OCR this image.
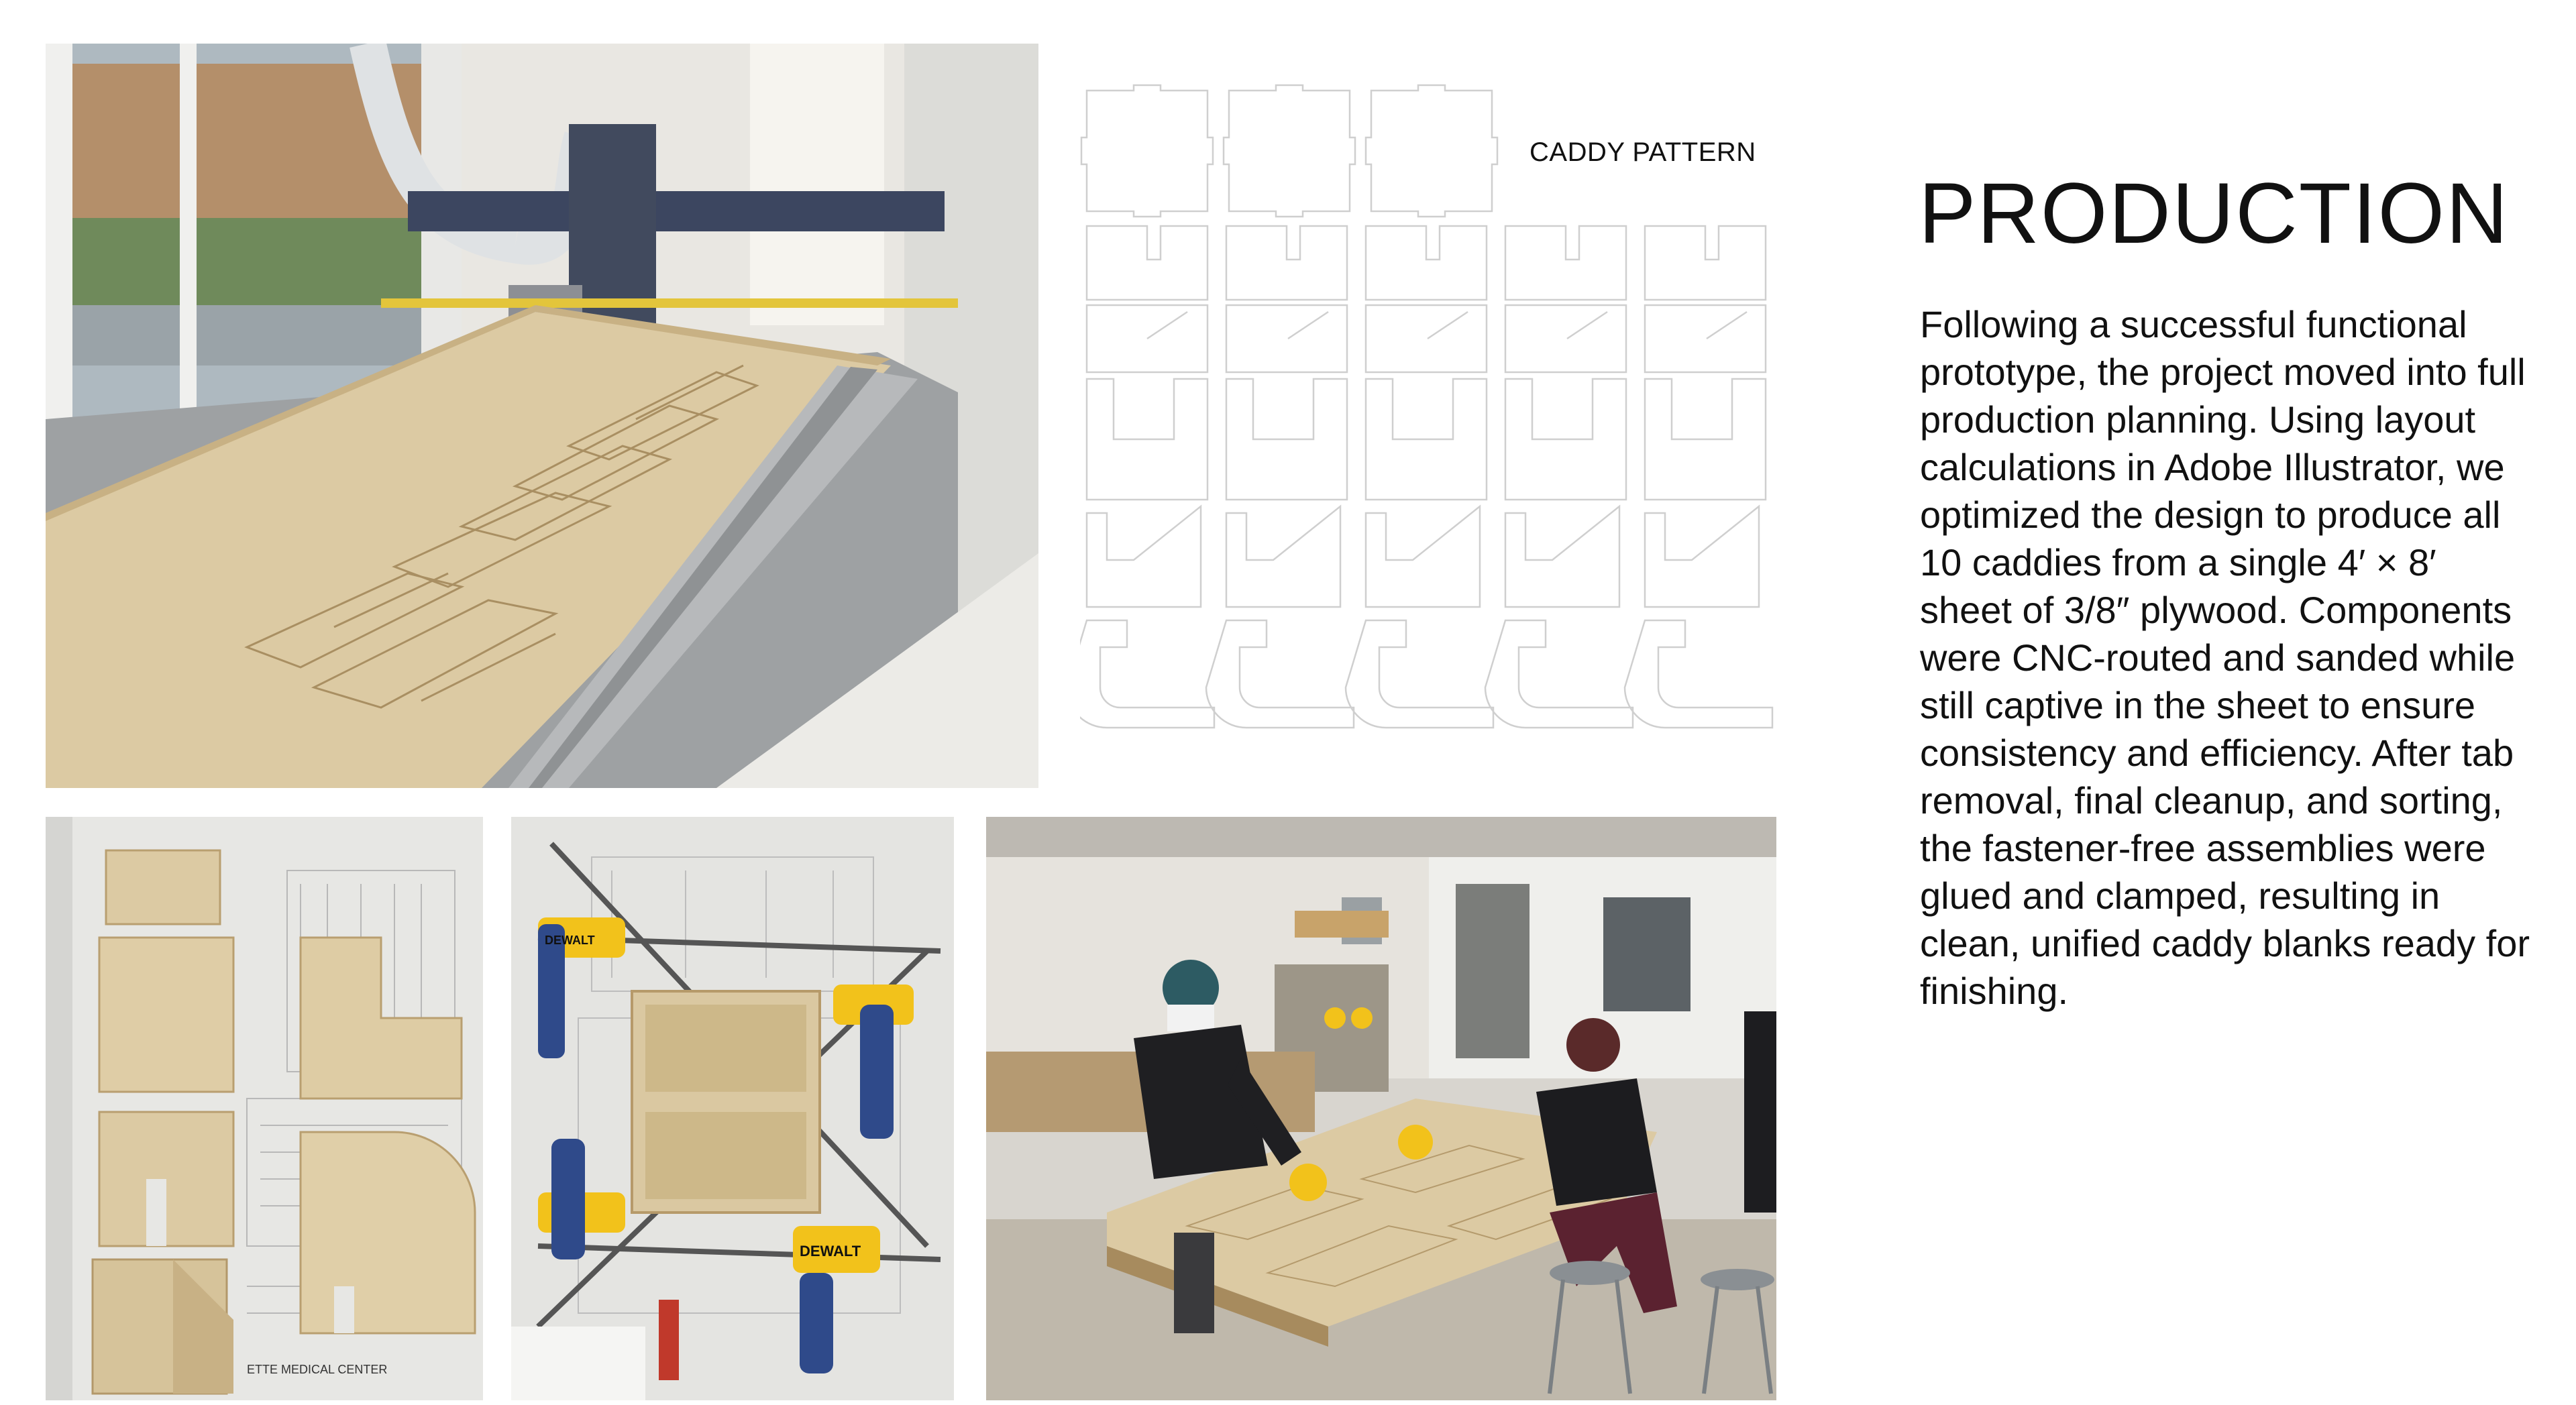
CADDY PATTERN
ETTE MEDICAL CENTER
DEWALT
DEWALT
PRODUCTION

Following a successful functional prototype, the project moved into full production planning. Using layout calculations in Adobe Illustrator, we optimized the design to produce all 10 caddies from a single 4′ × 8′ sheet of 3/8″ plywood. Components were CNC-routed and sanded while still captive in the sheet to ensure consistency and efficiency. After tab removal, final cleanup, and sorting, the fastener-free assemblies were glued and clamped, resulting in clean, unified caddy blanks ready for finishing.
